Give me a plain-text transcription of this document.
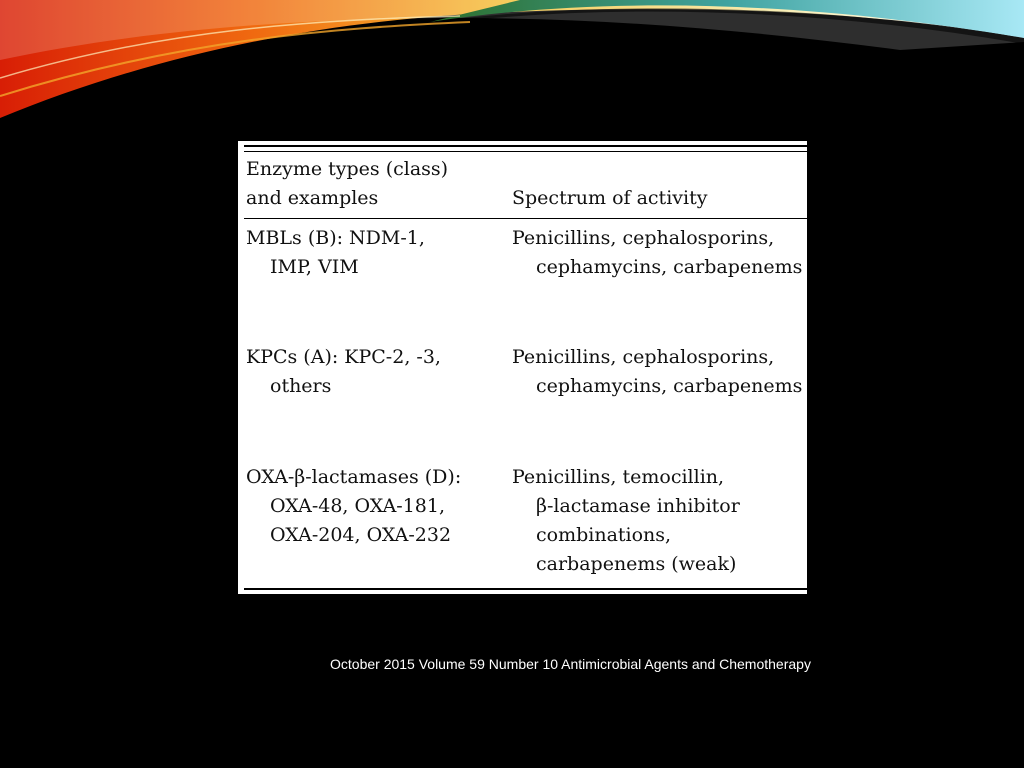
Enzyme types (class)
and examples	Spectrum of activity
MBLs (B): NDM-1,
IMP, VIM
Penicillins, cephalosporins,
cephamycins, carbapenems
KPCs (A): KPC-2, -3,
others
Penicillins, cephalosporins,
cephamycins, carbapenems
OXA-β-lactamases (D):
OXA-48, OXA-181,
OXA-204, OXA-232
Penicillins, temocillin,
β-lactamase inhibitor
combinations,
carbapenems (weak)
October 2015 Volume 59 Number 10 Antimicrobial Agents and Chemotherapy
